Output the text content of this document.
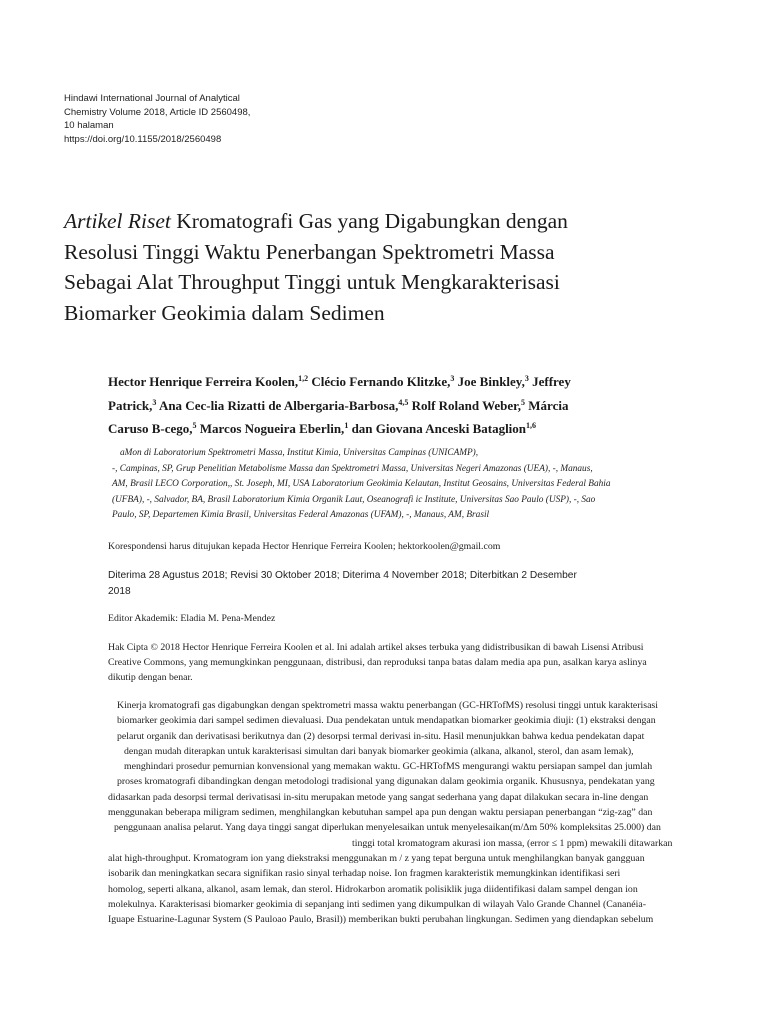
Hindawi International Journal of Analytical
Chemistry Volume 2018, Article ID 2560498,
10 halaman
https://doi.org/10.1155/2018/2560498
Artikel Riset Kromatografi Gas yang Digabungkan dengan
Resolusi Tinggi Waktu Penerbangan Spektrometri Massa
Sebagai Alat Throughput Tinggi untuk Mengkarakterisasi
Biomarker Geokimia dalam Sedimen
Hector Henrique Ferreira Koolen,$^{1,2}$ Clécio Fernando Klitzke,$^3$ Joe Binkley,$^3$ Jeffrey
Patrick,$^3$ Ana Cec-lia Rizatti de Albergaria-Barbosa,$^{4,5}$ Rolf Roland Weber,$^5$ Márcia
Caruso B-cego,$^5$ Marcos Nogueira Eberlin,$^1$ dan Giovana Anceski Bataglion$^{1,6}$
aMon di Laboratorium Spektrometri Massa, Institut Kimia, Universitas Campinas (UNICAMP),
-, Campinas, SP, Grup Penelitian Metabolisme Massa dan Spektrometri Massa, Universitas Negeri Amazonas (UEA), -, Manaus,
AM, Brasil LECO Corporation,, St. Joseph, MI, USA Laboratorium Geokimia Kelautan, Institut Geosains, Universitas Federal Bahia
(UFBA), -, Salvador, BA, Brasil Laboratorium Kimia Organik Laut, Oseanografi ic Institute, Universitas Sao Paulo (USP), -, Sao
Paulo, SP, Departemen Kimia Brasil, Universitas Federal Amazonas (UFAM), -, Manaus, AM, Brasil
Korespondensi harus ditujukan kepada Hector Henrique Ferreira Koolen; hektorkoolen@gmail.com
Diterima 28 Agustus 2018; Revisi 30 Oktober 2018; Diterima 4 November 2018; Diterbitkan 2 Desember
2018
Editor Akademik: Eladia M. Pena-Mendez
Hak Cipta © 2018 Hector Henrique Ferreira Koolen et al. Ini adalah artikel akses terbuka yang didistribusikan di bawah Lisensi Atribusi
Creative Commons, yang memungkinkan penggunaan, distribusi, dan reproduksi tanpa batas dalam media apa pun, asalkan karya aslinya
dikutip dengan benar.
Kinerja kromatografi gas digabungkan dengan spektrometri massa waktu penerbangan (GC-HRTofMS) resolusi tinggi untuk karakterisasi
biomarker geokimia dari sampel sedimen dievaluasi. Dua pendekatan untuk mendapatkan biomarker geokimia diuji: (1) ekstraksi dengan
pelarut organik dan derivatisasi berikutnya dan (2) desorpsi termal derivasi in-situ. Hasil menunjukkan bahwa kedua pendekatan dapat
dengan mudah diterapkan untuk karakterisasi simultan dari banyak biomarker geokimia (alkana, alkanol, sterol, dan asam lemak),
menghindari prosedur pemurnian konvensional yang memakan waktu. GC-HRTofMS mengurangi waktu persiapan sampel dan jumlah
proses kromatografi dibandingkan dengan metodologi tradisional yang digunakan dalam geokimia organik. Khususnya, pendekatan yang
didasarkan pada desorpsi termal derivatisasi in-situ merupakan metode yang sangat sederhana yang dapat dilakukan secara in-line dengan
menggunakan beberapa miligram sedimen, menghilangkan kebutuhan sampel apa pun dengan waktu persiapan penerbangan “zig-zag” dan
penggunaan analisa pelarut. Yang daya tinggi sangat diperlukan menyelesaikan untuk menyelesaikan(m/Δm 50% kompleksitas 25.000) dan
tinggi total kromatogram akurasi ion massa, (error ≤ 1 ppm) mewakili ditawarkan
alat high-throughput. Kromatogram ion yang diekstraksi menggunakan m / z yang tepat berguna untuk menghilangkan banyak gangguan
isobarik dan meningkatkan secara signifikan rasio sinyal terhadap noise. Ion fragmen karakteristik memungkinkan identifikasi seri
homolog, seperti alkana, alkanol, asam lemak, dan sterol. Hidrokarbon aromatik polisiklik juga diidentifikasi dalam sampel dengan ion
molekulnya. Karakterisasi biomarker geokimia di sepanjang inti sedimen yang dikumpulkan di wilayah Valo Grande Channel (Cananéia-
Iguape Estuarine-Lagunar System (S Pauloao Paulo, Brasil)) memberikan bukti perubahan lingkungan. Sedimen yang diendapkan sebelum
